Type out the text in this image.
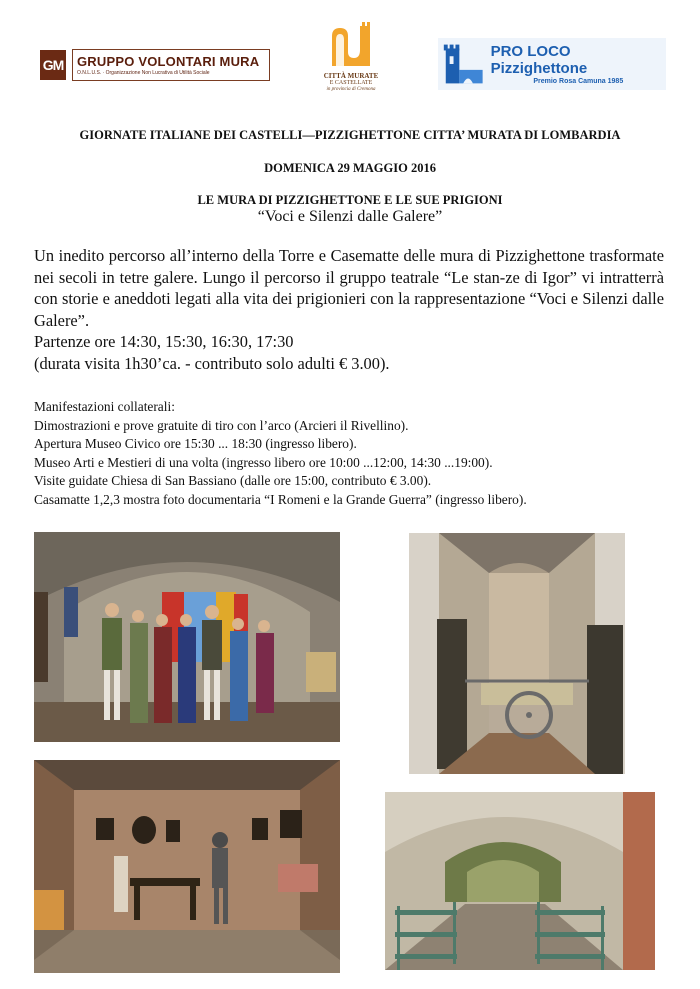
GM GRUPPO VOLONTARI MURA
O.N.L.U.S. · Organizzazione Non Lucrativa di Utilità Sociale	CITTÀ MURATE
E CASTELLATE
in provincia di Cremona
PRO LOCO Pizzighettone
Premio Rosa Camuna 1985
GIORNATE ITALIANE DEI CASTELLI—PIZZIGHETTONE CITTA’ MURATA DI LOMBARDIA
DOMENICA 29 MAGGIO 2016
LE MURA DI PIZZIGHETTONE E LE SUE PRIGIONI
“Voci e Silenzi dalle Galere”
Un inedito percorso all’interno della Torre e Casematte delle mura di Pizzighettone trasformate nei secoli in tetre galere. Lungo il percorso il gruppo teatrale “Le stan-ze di Igor” vi intratterrà con storie e aneddoti legati alla vita dei prigionieri con la rappresentazione “Voci e Silenzi dalle Galere”.
Partenze ore 14:30, 15:30, 16:30, 17:30
(durata visita 1h30’ca. - contributo solo adulti € 3.00).
Manifestazioni collaterali:
Dimostrazioni e prove gratuite di tiro con l’arco (Arcieri il Rivellino).
Apertura Museo Civico ore 15:30 ... 18:30 (ingresso libero).
Museo Arti e Mestieri di una volta (ingresso libero ore 10:00 ...12:00, 14:30 ...19:00).
Visite guidate Chiesa di San Bassiano (dalle ore 15:00, contributo € 3.00).
Casamatte 1,2,3 mostra foto documentaria “I Romeni e la Grande Guerra” (ingresso libero).
